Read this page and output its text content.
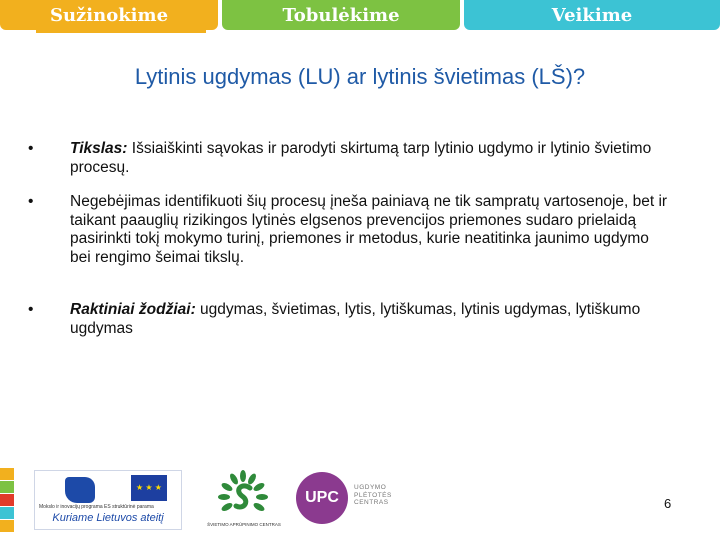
Sužinokime	Tobulėkime	Veikime
Lytinis ugdymas (LU) ar lytinis švietimas (LŠ)?
• Tikslas: Išsiaiškinti sąvokas ir parodyti skirtumą tarp lytinio ugdymo ir lytinio švietimo procesų.
• Negebėjimas identifikuoti šių procesų įneša painiavą ne tik sampratų vartosenoje, bet ir taikant paauglių rizikingos lytinės elgsenos prevencijos priemones sudaro prielaidą pasirinkti tokį mokymo turinį, priemones ir metodus, kurie neatitinka jaunimo ugdymo bei rengimo šeimai tikslų.
• Raktiniai žodžiai: ugdymas, švietimas, lytis, lytiškumas, lytinis ugdymas, lytiškumo ugdymas
★ ★ ★
Mokslo ir inovacijų programa ES struktūrinė parama
Kuriame Lietuvos ateitį
ŠVIETIMO APRŪPINIMO CENTRAS
UPC
UGDYMO
PLĖTOTĖS
CENTRAS	6
